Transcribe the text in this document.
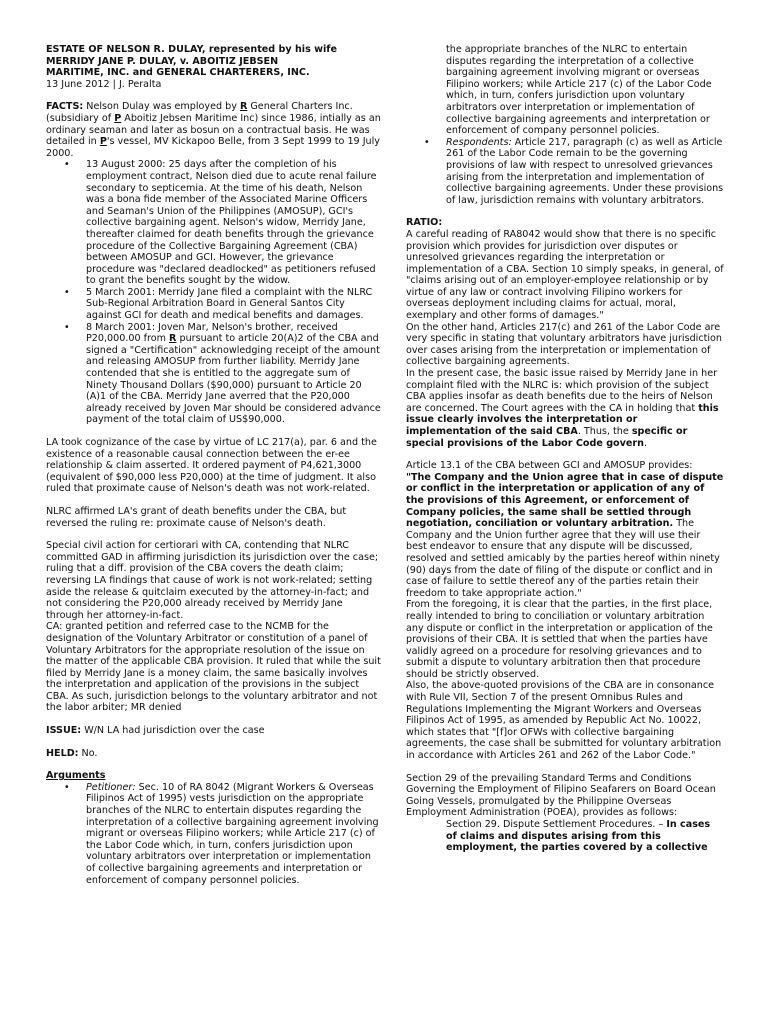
ESTATE OF NELSON R. DULAY, represented by his wife
MERRIDY JANE P. DULAY, v. ABOITIZ JEBSEN
MARITIME, INC. and GENERAL CHARTERERS, INC.

13 June 2012 | J. Peralta

FACTS: Nelson Dulay was employed by R General Charters Inc. (subsidiary of P Aboitiz Jebsen Maritime Inc) since 1986, intially as an ordinary seaman and later as bosun on a contractual basis. He was detailed in P's vessel, MV Kickapoo Belle, from 3 Sept 1999 to 19 July 2000.

• 13 August 2000: 25 days after the completion of his employment contract, Nelson died due to acute renal failure secondary to septicemia. At the time of his death, Nelson was a bona fide member of the Associated Marine Officers and Seaman's Union of the Philippines (AMOSUP), GCI's collective bargaining agent. Nelson's widow, Merridy Jane, thereafter claimed for death benefits through the grievance procedure of the Collective Bargaining Agreement (CBA) between AMOSUP and GCI. However, the grievance procedure was "declared deadlocked" as petitioners refused to grant the benefits sought by the widow.
• 5 March 2001: Merridy Jane filed a complaint with the NLRC Sub-Regional Arbitration Board in General Santos City against GCI for death and medical benefits and damages.
• 8 March 2001: Joven Mar, Nelson's brother, received P20,000.00 from R pursuant to article 20(A)2 of the CBA and signed a "Certification" acknowledging receipt of the amount and releasing AMOSUP from further liability. Merridy Jane contended that she is entitled to the aggregate sum of Ninety Thousand Dollars ($90,000) pursuant to Article 20 (A)1 of the CBA. Merridy Jane averred that the P20,000 already received by Joven Mar should be considered advance payment of the total claim of US$90,000.

LA took cognizance of the case by virtue of LC 217(a), par. 6 and the existence of a reasonable causal connection between the er-ee relationship & claim asserted. It ordered payment of P4,621,3000 (equivalent of $90,000 less P20,000) at the time of judgment. It also ruled that proximate cause of Nelson's death was not work-related.

NLRC affirmed LA's grant of death benefits under the CBA, but reversed the ruling re: proximate cause of Nelson's death.

Special civil action for certiorari with CA, contending that NLRC committed GAD in affirming jurisdiction its jurisdiction over the case; ruling that a diff. provision of the CBA covers the death claim; reversing LA findings that cause of work is not work-related; setting aside the release & quitclaim executed by the attorney-in-fact; and not considering the P20,000 already received by Merridy Jane through her attorney-in-fact.

CA: granted petition and referred case to the NCMB for the designation of the Voluntary Arbitrator or constitution of a panel of Voluntary Arbitrators for the appropriate resolution of the issue on the matter of the applicable CBA provision. It ruled that while the suit filed by Merridy Jane is a money claim, the same basically involves the interpretation and application of the provisions in the subject CBA. As such, jurisdiction belongs to the voluntary arbitrator and not the labor arbiter; MR denied

ISSUE: W/N LA had jurisdiction over the case

HELD: No.

Arguments

• Petitioner: Sec. 10 of RA 8042 (Migrant Workers & Overseas Filipinos Act of 1995) vests jurisdiction on the appropriate branches of the NLRC to entertain disputes regarding the interpretation of a collective bargaining agreement involving migrant or overseas Filipino workers; while Article 217 (c) of the Labor Code which, in turn, confers jurisdiction upon voluntary arbitrators over interpretation or implementation of collective bargaining agreements and interpretation or enforcement of company personnel policies.

the appropriate branches of the NLRC to entertain disputes regarding the interpretation of a collective bargaining agreement involving migrant or overseas Filipino workers; while Article 217 (c) of the Labor Code which, in turn, confers jurisdiction upon voluntary arbitrators over interpretation or implementation of collective bargaining agreements and interpretation or enforcement of company personnel policies.

• Respondents: Article 217, paragraph (c) as well as Article 261 of the Labor Code remain to be the governing provisions of law with respect to unresolved grievances arising from the interpretation and implementation of collective bargaining agreements. Under these provisions of law, jurisdiction remains with voluntary arbitrators.

RATIO:

A careful reading of RA8042 would show that there is no specific provision which provides for jurisdiction over disputes or unresolved grievances regarding the interpretation or implementation of a CBA. Section 10 simply speaks, in general, of "claims arising out of an employer-employee relationship or by virtue of any law or contract involving Filipino workers for overseas deployment including claims for actual, moral, exemplary and other forms of damages."

On the other hand, Articles 217(c) and 261 of the Labor Code are very specific in stating that voluntary arbitrators have jurisdiction over cases arising from the interpretation or implementation of collective bargaining agreements.

In the present case, the basic issue raised by Merridy Jane in her complaint filed with the NLRC is: which provision of the subject CBA applies insofar as death benefits due to the heirs of Nelson are concerned. The Court agrees with the CA in holding that this issue clearly involves the interpretation or implementation of the said CBA. Thus, the specific or special provisions of the Labor Code govern.

Article 13.1 of the CBA between GCI and AMOSUP provides:

"The Company and the Union agree that in case of dispute or conflict in the interpretation or application of any of the provisions of this Agreement, or enforcement of Company policies, the same shall be settled through negotiation, conciliation or voluntary arbitration. The Company and the Union further agree that they will use their best endeavor to ensure that any dispute will be discussed, resolved and settled amicably by the parties hereof within ninety (90) days from the date of filing of the dispute or conflict and in case of failure to settle thereof any of the parties retain their freedom to take appropriate action."

From the foregoing, it is clear that the parties, in the first place, really intended to bring to conciliation or voluntary arbitration any dispute or conflict in the interpretation or application of the provisions of their CBA. It is settled that when the parties have validly agreed on a procedure for resolving grievances and to submit a dispute to voluntary arbitration then that procedure should be strictly observed.

Also, the above-quoted provisions of the CBA are in consonance with Rule VII, Section 7 of the present Omnibus Rules and Regulations Implementing the Migrant Workers and Overseas Filipinos Act of 1995, as amended by Republic Act No. 10022, which states that "[f]or OFWs with collective bargaining agreements, the case shall be submitted for voluntary arbitration in accordance with Articles 261 and 262 of the Labor Code."

Section 29 of the prevailing Standard Terms and Conditions Governing the Employment of Filipino Seafarers on Board Ocean Going Vessels, promulgated by the Philippine Overseas Employment Administration (POEA), provides as follows:

Section 29. Dispute Settlement Procedures. – In cases of claims and disputes arising from this employment, the parties covered by a collective
